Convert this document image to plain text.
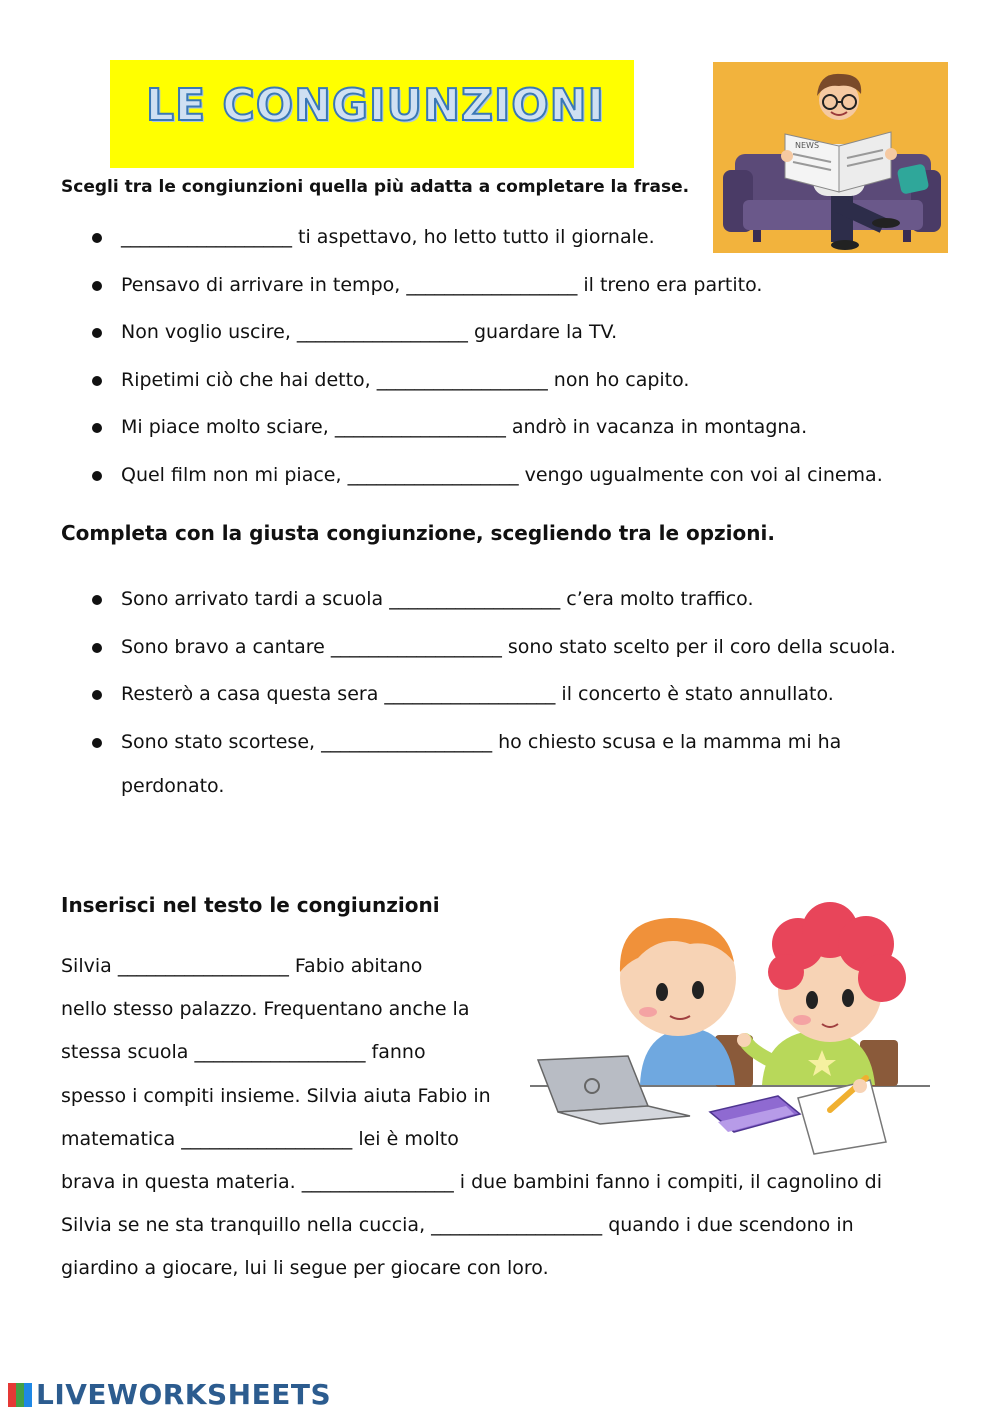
LE CONGIUNZIONI
NEWS
Scegli tra le congiunzioni quella più adatta a completare la frase.
__________________ ti aspettavo, ho letto tutto il giornale.
Pensavo di arrivare in tempo, __________________ il treno era partito.
Non voglio uscire, __________________ guardare la TV.
Ripetimi ciò che hai detto, __________________ non ho capito.
Mi piace molto sciare, __________________ andrò in vacanza in montagna.
Quel film non mi piace, __________________ vengo ugualmente con voi al cinema.
Completa con la giusta congiunzione, scegliendo tra le opzioni.
Sono arrivato tardi a scuola __________________ c’era molto traffico.
Sono bravo a cantare __________________ sono stato scelto per il coro della scuola.
Resterò a casa questa sera __________________ il concerto è stato annullato.
Sono stato scortese, __________________ ho chiesto scusa e la mamma mi ha
perdonato.
Inserisci nel testo le congiunzioni
Silvia __________________ Fabio abitano
nello stesso palazzo. Frequentano anche la
stessa scuola __________________ fanno
spesso i compiti insieme. Silvia aiuta Fabio in
matematica __________________ lei è molto
brava in questa materia. ________________ i due bambini fanno i compiti, il cagnolino di
Silvia se ne sta tranquillo nella cuccia, __________________ quando i due scendono in
giardino a giocare, lui li segue per giocare con loro.
LIVEWORKSHEETS
